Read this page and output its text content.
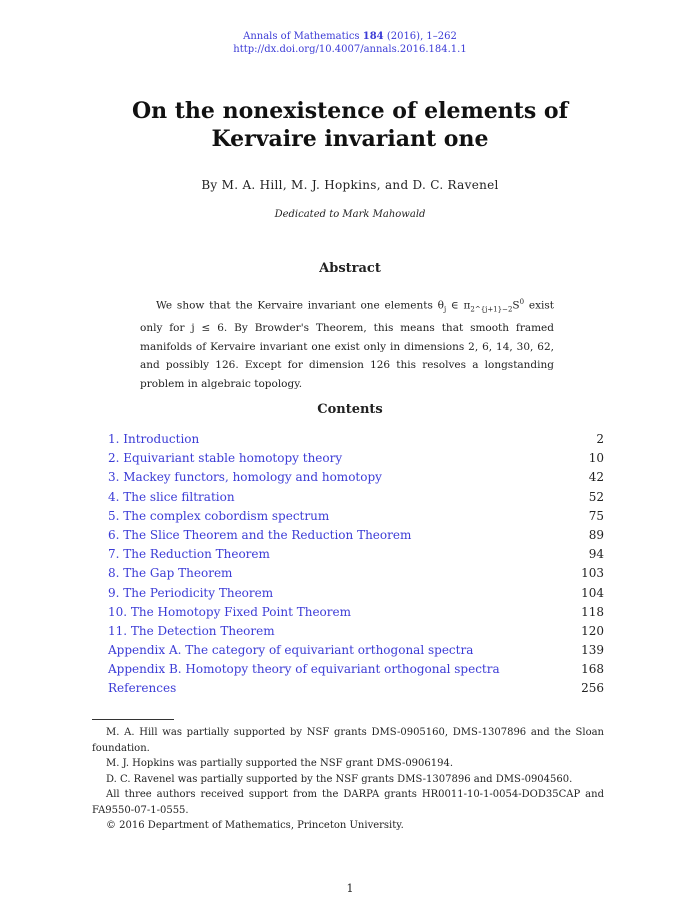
Annals of Mathematics 184 (2016), 1–262
http://dx.doi.org/10.4007/annals.2016.184.1.1
On the nonexistence of elements of
Kervaire invariant one
By M. A. Hill, M. J. Hopkins, and D. C. Ravenel
Dedicated to Mark Mahowald
Abstract
We show that the Kervaire invariant one elements $\theta_j$ ∈ $\pi_{2\^{}\{j+1\}-2}S^0$ exist only for j ≤ 6. By Browder's Theorem, this means that smooth framed manifolds of Kervaire invariant one exist only in dimensions 2, 6, 14, 30, 62, and possibly 126. Except for dimension 126 this resolves a longstanding problem in algebraic topology.
Contents
1. Introduction	2
2. Equivariant stable homotopy theory	10
3. Mackey functors, homology and homotopy	42
4. The slice filtration	52
5. The complex cobordism spectrum	75
6. The Slice Theorem and the Reduction Theorem	89
7. The Reduction Theorem	94
8. The Gap Theorem	103
9. The Periodicity Theorem	104
10. The Homotopy Fixed Point Theorem	118
11. The Detection Theorem	120
Appendix A. The category of equivariant orthogonal spectra	139
Appendix B. Homotopy theory of equivariant orthogonal spectra	168
References	256

M. A. Hill was partially supported by NSF grants DMS-0905160, DMS-1307896 and the Sloan foundation.

M. J. Hopkins was partially supported the NSF grant DMS-0906194.

D. C. Ravenel was partially supported by the NSF grants DMS-1307896 and DMS-0904560.

All three authors received support from the DARPA grants HR0011-10-1-0054-DOD35CAP and FA9550-07-1-0555.

© 2016 Department of Mathematics, Princeton University.

1
